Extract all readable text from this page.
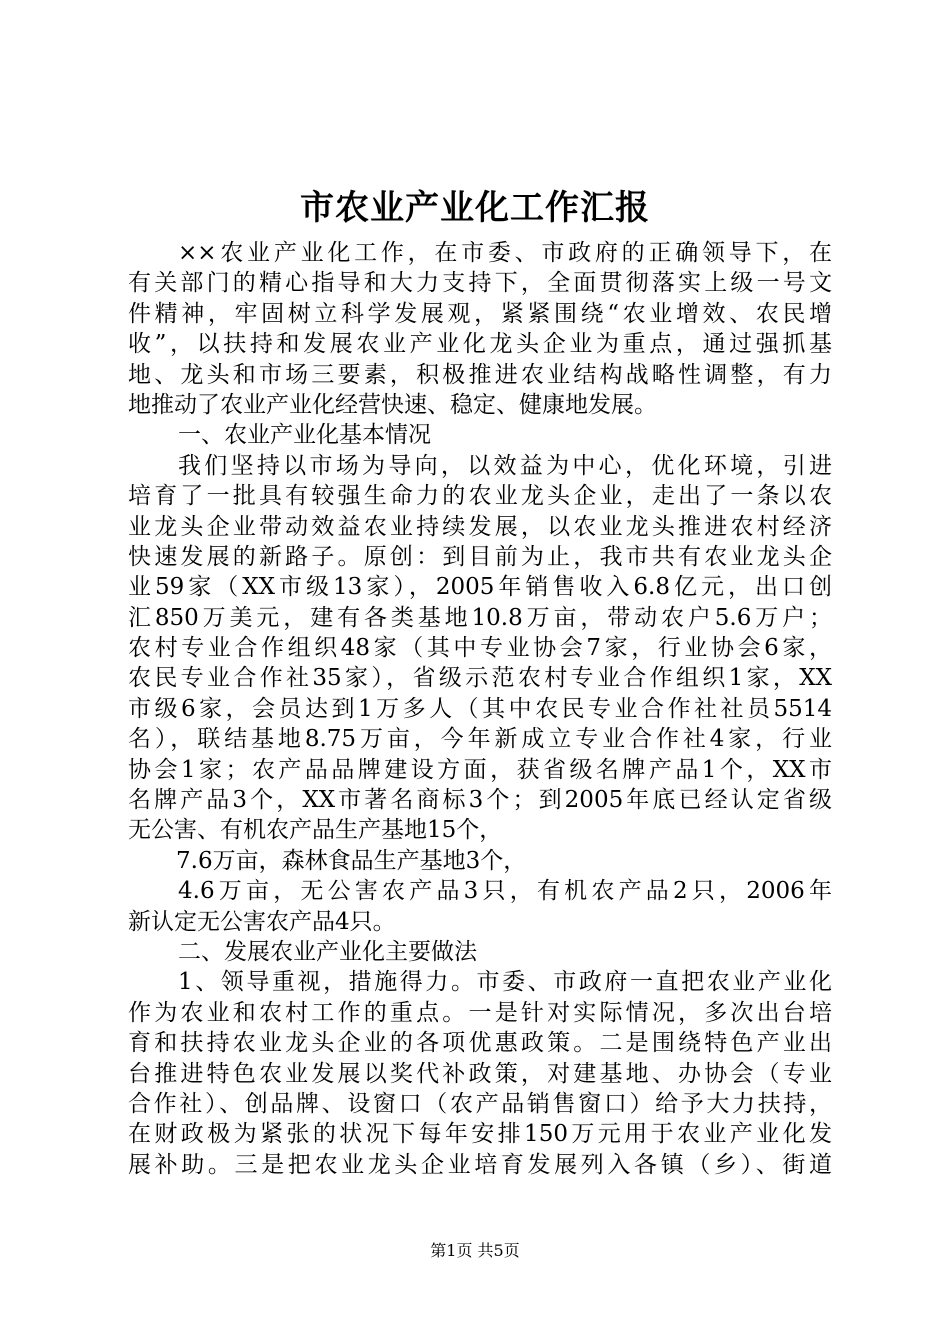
市农业产业化工作汇报
××农业产业化工作，在市委、市政府的正确领导下，在
有关部门的精心指导和大力支持下，全面贯彻落实上级一号文
件精神，牢固树立科学发展观，紧紧围绕“农业增效、农民增
收”，以扶持和发展农业产业化龙头企业为重点，通过强抓基
地、龙头和市场三要素，积极推进农业结构战略性调整，有力
地推动了农业产业化经营快速、稳定、健康地发展。
一、农业产业化基本情况
我们坚持以市场为导向，以效益为中心，优化环境，引进
培育了一批具有较强生命力的农业龙头企业，走出了一条以农
业龙头企业带动效益农业持续发展，以农业龙头推进农村经济
快速发展的新路子。原创：到目前为止，我市共有农业龙头企
业59家（XX市级13家），2005年销售收入6.8亿元，出口创
汇850万美元，建有各类基地10.8万亩，带动农户5.6万户；
农村专业合作组织48家（其中专业协会7家，行业协会6家，
农民专业合作社35家），省级示范农村专业合作组织1家，XX
市级6家，会员达到1万多人（其中农民专业合作社社员5514
名），联结基地8.75万亩，今年新成立专业合作社4家，行业
协会1家；农产品品牌建设方面，获省级名牌产品1个，XX市
名牌产品3个，XX市著名商标3个；到2005年底已经认定省级
无公害、有机农产品生产基地15个，
7.6万亩，森林食品生产基地3个，
4.6万亩，无公害农产品3只，有机农产品2只，2006年
新认定无公害农产品4只。
二、发展农业产业化主要做法
1、领导重视，措施得力。市委、市政府一直把农业产业化
作为农业和农村工作的重点。一是针对实际情况，多次出台培
育和扶持农业龙头企业的各项优惠政策。二是围绕特色产业出
台推进特色农业发展以奖代补政策，对建基地、办协会（专业
合作社）、创品牌、设窗口（农产品销售窗口）给予大力扶持，
在财政极为紧张的状况下每年安排150万元用于农业产业化发
展补助。三是把农业龙头企业培育发展列入各镇（乡）、街道
第1页 共5页
